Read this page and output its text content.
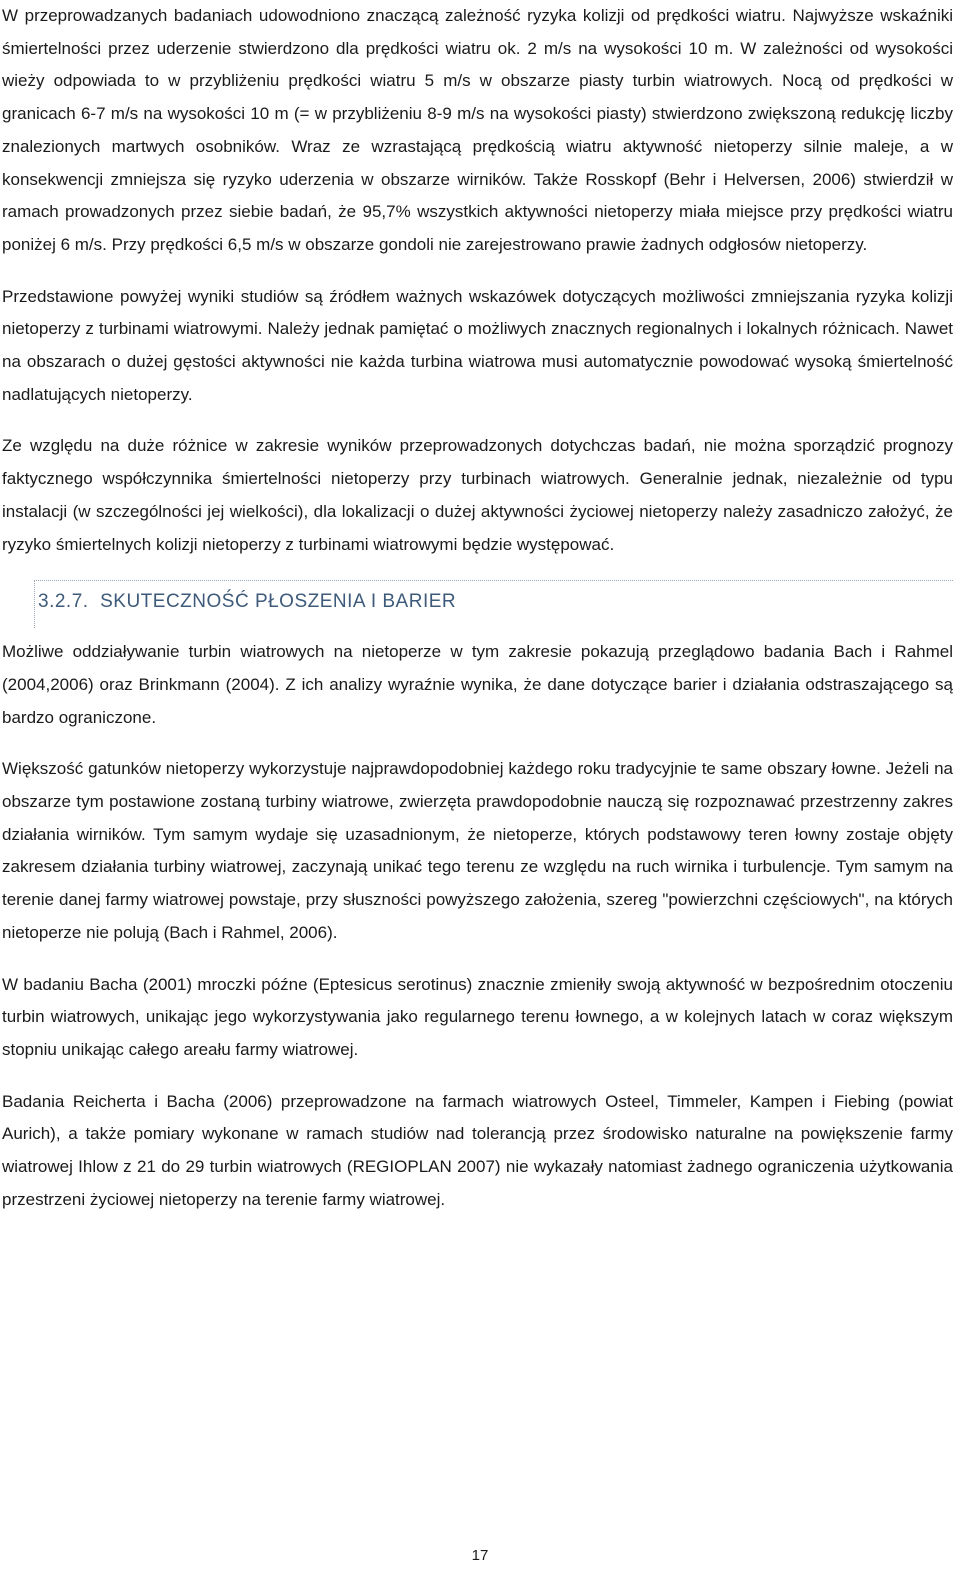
W przeprowadzanych badaniach udowodniono znaczącą zależność ryzyka kolizji od prędkości wiatru. Najwyższe wskaźniki śmiertelności przez uderzenie stwierdzono dla prędkości wiatru ok. 2 m/s na wysokości 10 m. W zależności od wysokości wieży odpowiada to w przybliżeniu prędkości wiatru 5 m/s w obszarze piasty turbin wiatrowych. Nocą od prędkości w granicach 6-7 m/s na wysokości 10 m (= w przybliżeniu 8-9 m/s na wysokości piasty) stwierdzono zwiększoną redukcję liczby znalezionych martwych osobników. Wraz ze wzrastającą prędkością wiatru aktywność nietoperzy silnie maleje, a w konsekwencji zmniejsza się ryzyko uderzenia w obszarze wirników. Także Rosskopf (Behr i Helversen, 2006) stwierdził w ramach prowadzonych przez siebie badań, że 95,7% wszystkich aktywności nietoperzy miała miejsce przy prędkości wiatru poniżej 6 m/s. Przy prędkości 6,5 m/s w obszarze gondoli nie zarejestrowano prawie żadnych odgłosów nietoperzy.

Przedstawione powyżej wyniki studiów są źródłem ważnych wskazówek dotyczących możliwości zmniejszania ryzyka kolizji nietoperzy z turbinami wiatrowymi. Należy jednak pamiętać o możliwych znacznych regionalnych i lokalnych różnicach. Nawet na obszarach o dużej gęstości aktywności nie każda turbina wiatrowa musi automatycznie powodować wysoką śmiertelność nadlatujących nietoperzy.

Ze względu na duże różnice w zakresie wyników przeprowadzonych dotychczas badań, nie można sporządzić prognozy faktycznego współczynnika śmiertelności nietoperzy przy turbinach wiatrowych. Generalnie jednak, niezależnie od typu instalacji (w szczególności jej wielkości), dla lokalizacji o dużej aktywności życiowej nietoperzy należy zasadniczo założyć, że ryzyko śmiertelnych kolizji nietoperzy z turbinami wiatrowymi będzie występować.

3.2.7.  SKUTECZNOŚĆ PŁOSZENIA I BARIER

Możliwe oddziaływanie turbin wiatrowych na nietoperze w tym zakresie pokazują przeglądowo badania Bach i Rahmel (2004,2006) oraz Brinkmann (2004). Z ich analizy wyraźnie wynika, że dane dotyczące barier i działania odstraszającego są bardzo ograniczone.

Większość gatunków nietoperzy wykorzystuje najprawdopodobniej każdego roku tradycyjnie te same obszary łowne. Jeżeli na obszarze tym postawione zostaną turbiny wiatrowe, zwierzęta prawdopodobnie nauczą się rozpoznawać przestrzenny zakres działania wirników. Tym samym wydaje się uzasadnionym, że nietoperze, których podstawowy teren łowny zostaje objęty zakresem działania turbiny wiatrowej, zaczynają unikać tego terenu ze względu na ruch wirnika i turbulencje. Tym samym na terenie danej farmy wiatrowej powstaje, przy słuszności powyższego założenia, szereg "powierzchni częściowych", na których nietoperze nie polują (Bach i Rahmel, 2006).

W badaniu Bacha (2001) mroczki późne (Eptesicus serotinus) znacznie zmieniły swoją aktywność w bezpośrednim otoczeniu turbin wiatrowych, unikając jego wykorzystywania jako regularnego terenu łownego, a w kolejnych latach w coraz większym stopniu unikając całego areału farmy wiatrowej.

Badania Reicherta i Bacha (2006) przeprowadzone na farmach wiatrowych Osteel, Timmeler, Kampen i Fiebing (powiat Aurich), a także pomiary wykonane w ramach studiów nad tolerancją przez środowisko naturalne na powiększenie farmy wiatrowej Ihlow z 21 do 29 turbin wiatrowych (REGIOPLAN 2007) nie wykazały natomiast żadnego ograniczenia użytkowania przestrzeni życiowej nietoperzy na terenie farmy wiatrowej.

17
